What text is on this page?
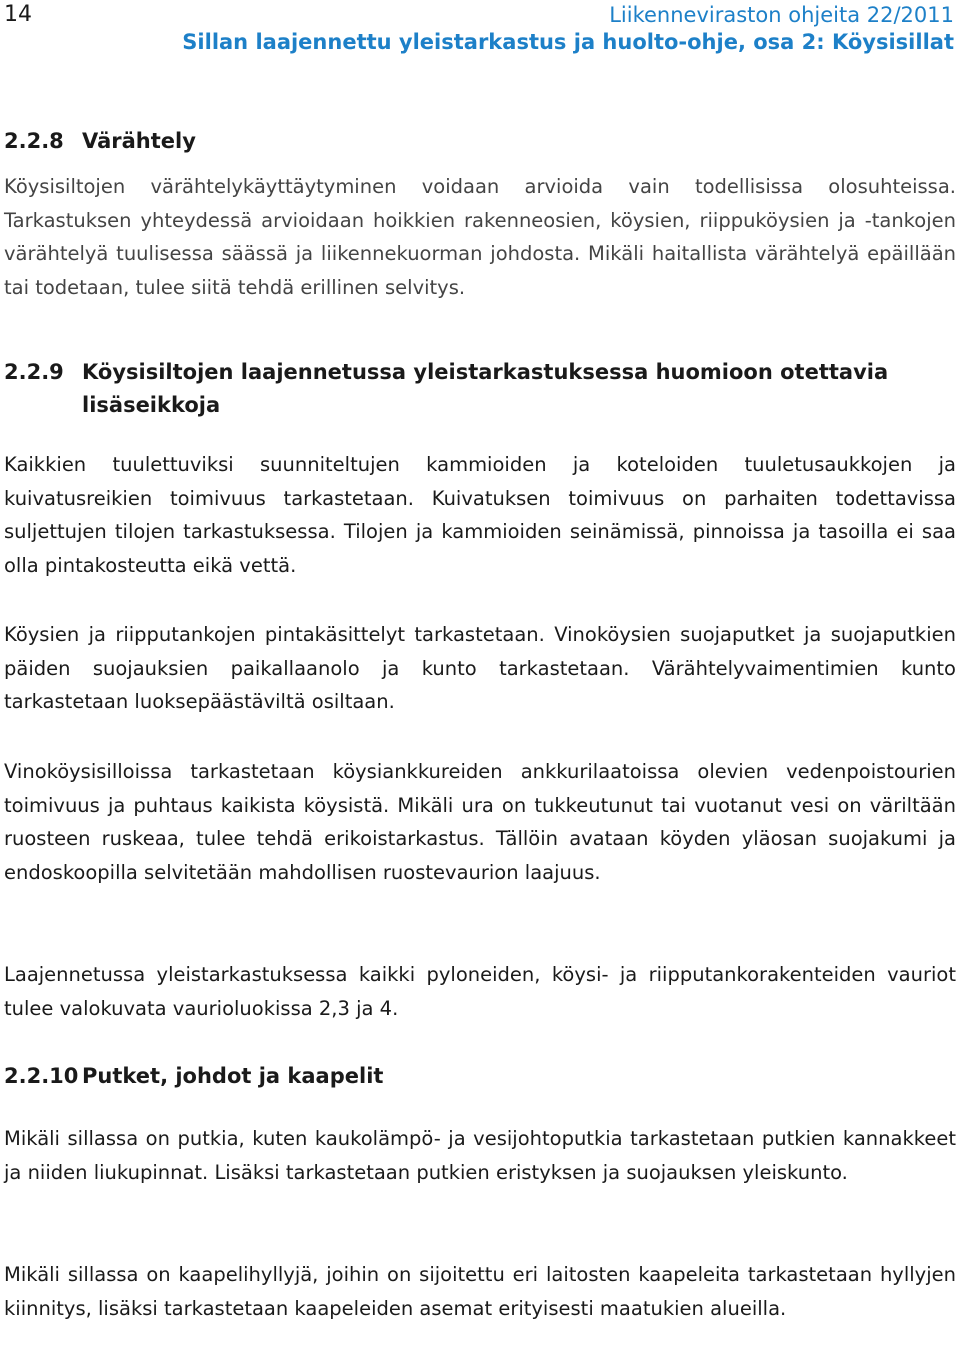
14	Liikenneviraston ohjeita 22/2011
Sillan laajennettu yleistarkastus ja huolto-ohje, osa 2: Köysisillat
2.2.8 Värähtely

Köysisiltojen värähtelykäyttäytyminen voidaan arvioida vain todellisissa olosuhteissa. Tarkastuksen yhteydessä arvioidaan hoikkien rakenneosien, köysien, riippuköysien ja -tankojen värähtelyä tuulisessa säässä ja liikennekuorman johdosta. Mikäli haitallista värähtelyä epäillään tai todetaan, tulee siitä tehdä erillinen selvitys.

2.2.9 Köysisiltojen laajennetussa yleistarkastuksessa huomioon otettavia lisäseikkoja

Kaikkien tuulettuviksi suunniteltujen kammioiden ja koteloiden tuuletusaukkojen ja kuivatusreikien toimivuus tarkastetaan. Kuivatuksen toimivuus on parhaiten todettavissa suljettujen tilojen tarkastuksessa. Tilojen ja kammioiden seinämissä, pinnoissa ja tasoilla ei saa olla pintakosteutta eikä vettä.

Köysien ja riipputankojen pintakäsittelyt tarkastetaan. Vinoköysien suojaputket ja suojaputkien päiden suojauksien paikallaanolo ja kunto tarkastetaan. Värähtelyvaimentimien kunto tarkastetaan luoksepäästäviltä osiltaan.

Vinoköysisilloissa tarkastetaan köysiankkureiden ankkurilaatoissa olevien vedenpoistourien toimivuus ja puhtaus kaikista köysistä. Mikäli ura on tukkeutunut tai vuotanut vesi on väriltään ruosteen ruskeaa, tulee tehdä erikoistarkastus. Tällöin avataan köyden yläosan suojakumi ja endoskoopilla selvitetään mahdollisen ruostevaurion laajuus.

Laajennetussa yleistarkastuksessa kaikki pyloneiden, köysi- ja riipputankorakenteiden vauriot tulee valokuvata vaurioluokissa 2,3 ja 4.

2.2.10 Putket, johdot ja kaapelit

Mikäli sillassa on putkia, kuten kaukolämpö- ja vesijohtoputkia tarkastetaan putkien kannakkeet ja niiden liukupinnat. Lisäksi tarkastetaan putkien eristyksen ja suojauksen yleiskunto.

Mikäli sillassa on kaapelihyllyjä, joihin on sijoitettu eri laitosten kaapeleita tarkastetaan hyllyjen kiinnitys, lisäksi tarkastetaan kaapeleiden asemat erityisesti maatukien alueilla.
